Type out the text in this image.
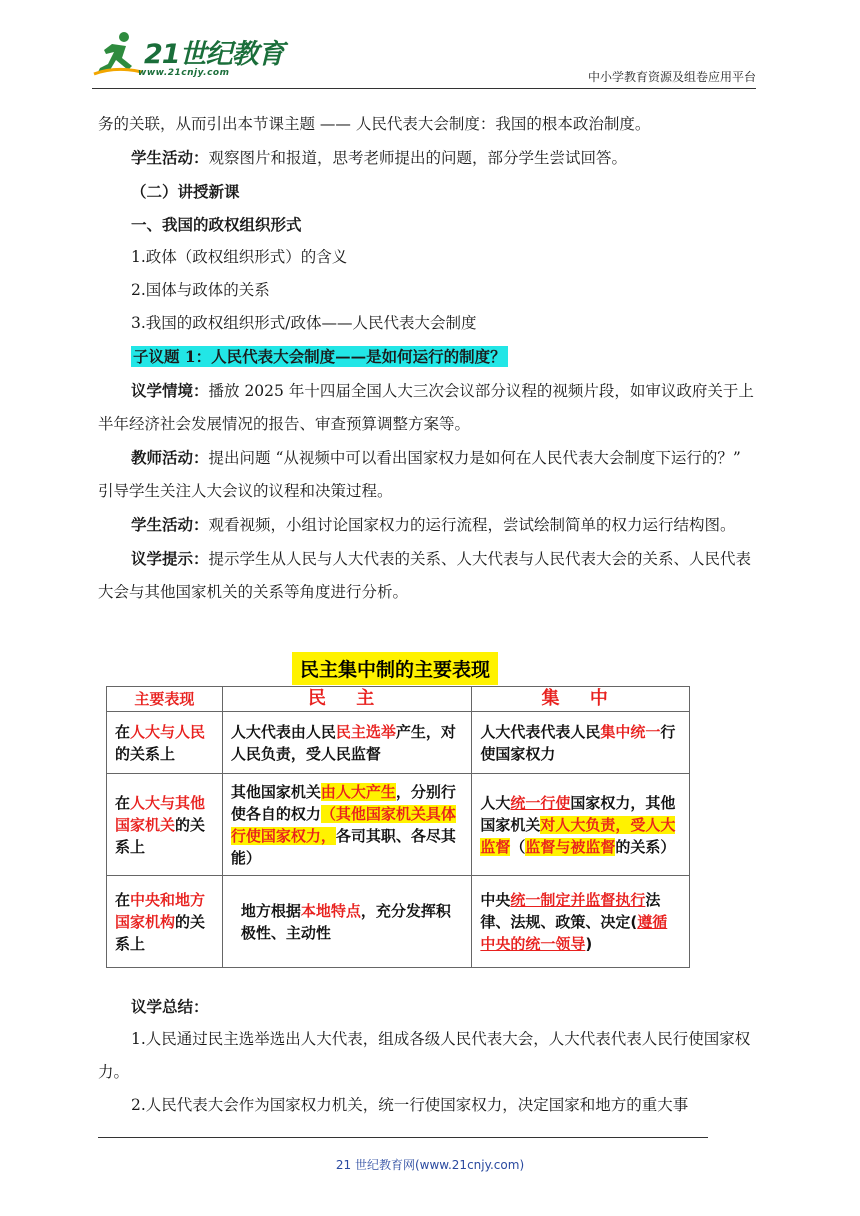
21世纪教育
www.21cnjy.com	中小学教育资源及组卷应用平台

务的关联，从而引出本节课主题 —— 人民代表大会制度：我国的根本政治制度。

学生活动：观察图片和报道，思考老师提出的问题，部分学生尝试回答。

（二）讲授新课

一、我国的政权组织形式

1.政体（政权组织形式）的含义

2.国体与政体的关系

3.我国的政权组织形式/政体——人民代表大会制度

子议题 1：人民代表大会制度——是如何运行的制度？

议学情境：播放 2025 年十四届全国人大三次会议部分议程的视频片段，如审议政府关于上半年经济社会发展情况的报告、审查预算调整方案等。

教师活动：提出问题 “从视频中可以看出国家权力是如何在人民代表大会制度下运行的？” 引导学生关注人大会议的议程和决策过程。

学生活动：观看视频，小组讨论国家权力的运行流程，尝试绘制简单的权力运行结构图。

议学提示：提示学生从人民与人大代表的关系、人大代表与人民代表大会的关系、人民代表大会与其他国家机关的关系等角度进行分析。

民主集中制的主要表现
主要表现	民 主	集 中
在人大与人民的关系上	人大代表由人民民主选举产生，对人民负责，受人民监督	人大代表代表人民集中统一行使国家权力
在人大与其他国家机关的关系上	其他国家机关由人大产生，分别行使各自的权力（其他国家机关具体行使国家权力，各司其职、各尽其能）	人大统一行使国家权力，其他国家机关对人大负责，受人大监督（监督与被监督的关系）
在中央和地方国家机构的关系上	地方根据本地特点，充分发挥积极性、主动性	中央统一制定并监督执行法律、法规、政策、决定(遵循中央的统一领导)

议学总结：

1.人民通过民主选举选出人大代表，组成各级人民代表大会，人大代表代表人民行使国家权力。

2.人民代表大会作为国家权力机关，统一行使国家权力，决定国家和地方的重大事

21 世纪教育网(www.21cnjy.com)
